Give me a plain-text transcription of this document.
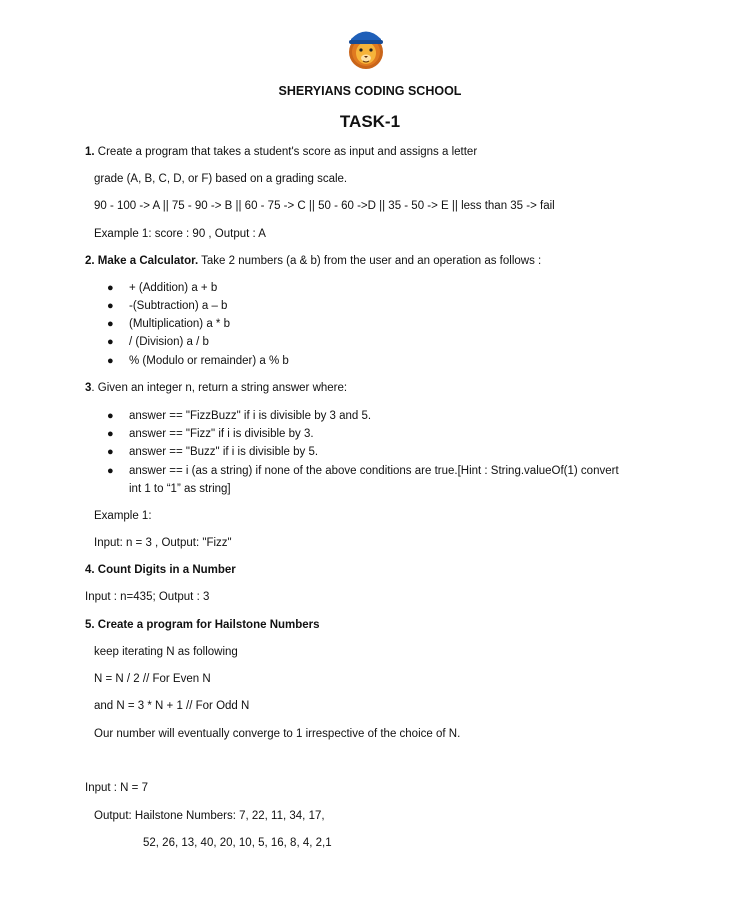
SHERYIANS CODING SCHOOL
TASK-1
1. Create a program that takes a student's score as input and assigns a letter
grade (A, B, C, D, or F) based on a grading scale.
90 - 100 -> A || 75 - 90 -> B || 60 - 75 -> C || 50 - 60 ->D || 35 - 50 -> E || less than 35 -> fail
Example 1: score : 90 , Output : A
2. Make a Calculator. Take 2 numbers (a & b) from the user and an operation as follows :
● + (Addition) a + b
● -(Subtraction) a – b
● (Multiplication) a * b
● / (Division) a / b
● % (Modulo or remainder) a % b
3. Given an integer n, return a string answer where:
● answer == "FizzBuzz" if i is divisible by 3 and 5.
● answer == "Fizz" if i is divisible by 3.
● answer == "Buzz" if i is divisible by 5.
● answer == i (as a string) if none of the above conditions are true.[Hint : String.valueOf(1) convert
int 1 to “1” as string]
Example 1:
Input: n = 3 , Output: "Fizz"
4. Count Digits in a Number
Input : n=435; Output : 3
5. Create a program for Hailstone Numbers
keep iterating N as following
N = N / 2 // For Even N
and N = 3 * N + 1 // For Odd N
Our number will eventually converge to 1 irrespective of the choice of N.
Input : N = 7
Output: Hailstone Numbers: 7, 22, 11, 34, 17,
52, 26, 13, 40, 20, 10, 5, 16, 8, 4, 2,1
